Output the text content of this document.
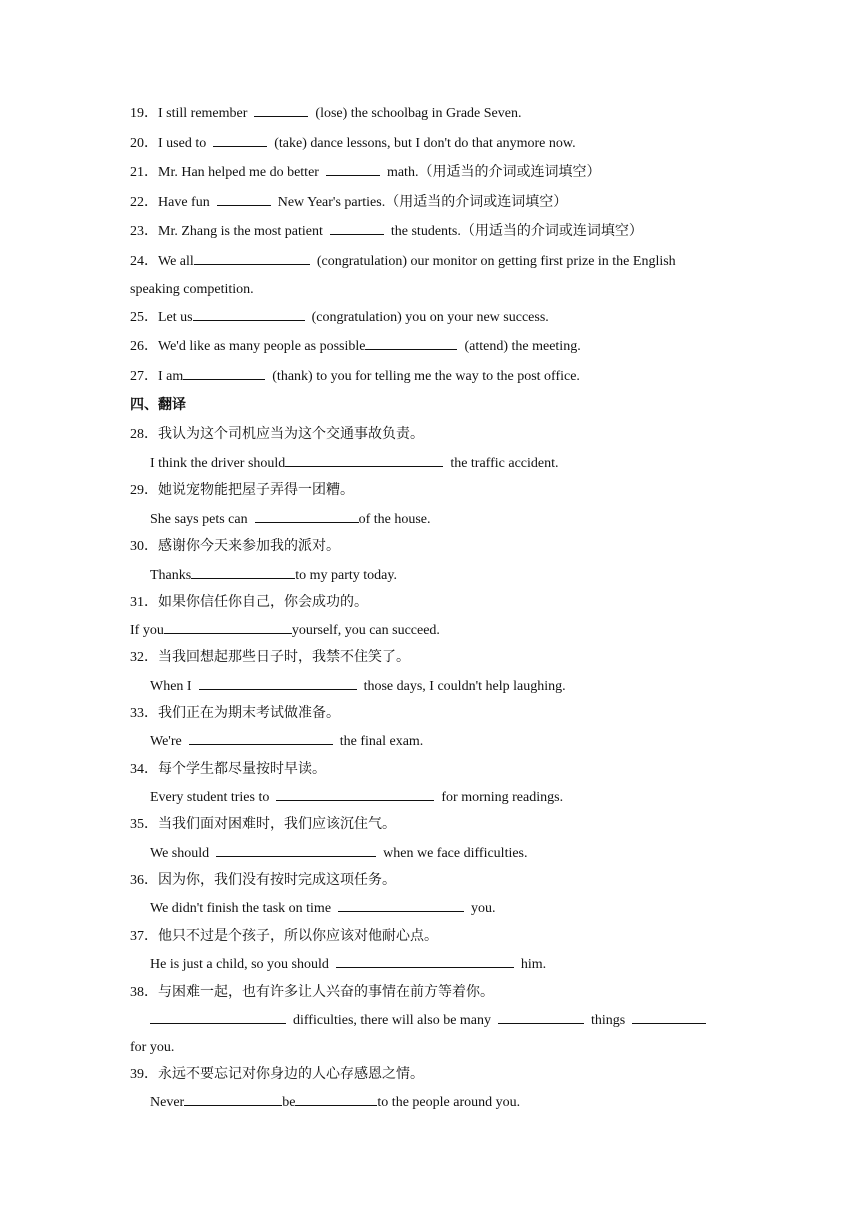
19．I still remember	(lose) the schoolbag in Grade Seven.
20．I used to	(take) dance lessons, but I don't do that anymore now.
21．Mr. Han helped me do better	math.（用适当的介词或连词填空）
22．Have fun	New Year's parties.（用适当的介词或连词填空）
23．Mr. Zhang is the most patient	the students.（用适当的介词或连词填空）
24．We all	(congratulation) our monitor on getting first prize in the English
speaking competition.
25．Let us	(congratulation) you on your new success.
26．We'd like as many people as possible	(attend) the meeting.
27．I am	(thank) to you for telling me the way to the post office.
四、翻译
28．我认为这个司机应当为这个交通事故负责。
I think the driver should	the traffic accident.
29．她说宠物能把屋子弄得一团糟。
She says pets can	of the house.
30．感谢你今天来参加我的派对。
Thanks	to my party today.
31．如果你信任你自己，你会成功的。
If you	yourself, you can succeed.
32．当我回想起那些日子时，我禁不住笑了。
When I	those days, I couldn't help laughing.
33．我们正在为期末考试做准备。
We're	the final exam.
34．每个学生都尽量按时早读。
Every student tries to	for morning readings.
35．当我们面对困难时，我们应该沉住气。
We should	when we face difficulties.
36．因为你，我们没有按时完成这项任务。
We didn't finish the task on time	you.
37．他只不过是个孩子，所以你应该对他耐心点。
He is just a child, so you should	him.
38．与困难一起，也有许多让人兴奋的事情在前方等着你。
difficulties, there will also be many	things
for you.
39．永远不要忘记对你身边的人心存感恩之情。
Never	be	to the people around you.
